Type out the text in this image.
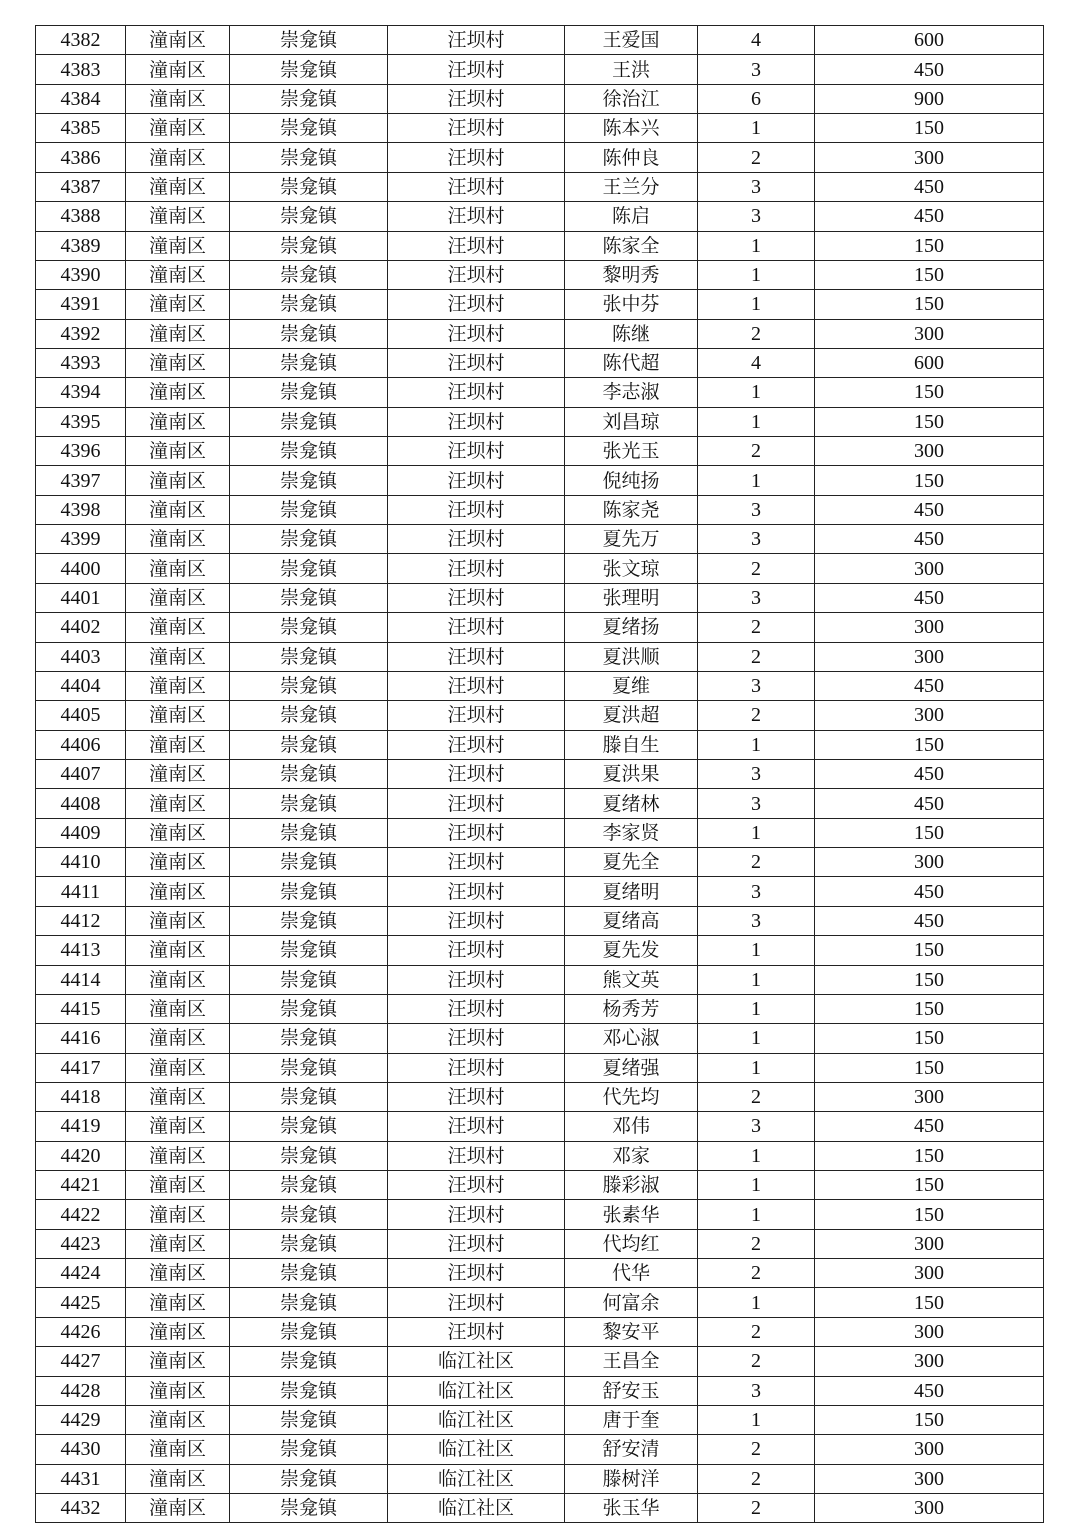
4382	潼南区	崇龛镇	汪坝村	王爱国	4	600
4383	潼南区	崇龛镇	汪坝村	王洪	3	450
4384	潼南区	崇龛镇	汪坝村	徐治江	6	900
4385	潼南区	崇龛镇	汪坝村	陈本兴	1	150
4386	潼南区	崇龛镇	汪坝村	陈仲良	2	300
4387	潼南区	崇龛镇	汪坝村	王兰分	3	450
4388	潼南区	崇龛镇	汪坝村	陈启	3	450
4389	潼南区	崇龛镇	汪坝村	陈家全	1	150
4390	潼南区	崇龛镇	汪坝村	黎明秀	1	150
4391	潼南区	崇龛镇	汪坝村	张中芬	1	150
4392	潼南区	崇龛镇	汪坝村	陈继	2	300
4393	潼南区	崇龛镇	汪坝村	陈代超	4	600
4394	潼南区	崇龛镇	汪坝村	李志淑	1	150
4395	潼南区	崇龛镇	汪坝村	刘昌琼	1	150
4396	潼南区	崇龛镇	汪坝村	张光玉	2	300
4397	潼南区	崇龛镇	汪坝村	倪纯扬	1	150
4398	潼南区	崇龛镇	汪坝村	陈家尧	3	450
4399	潼南区	崇龛镇	汪坝村	夏先万	3	450
4400	潼南区	崇龛镇	汪坝村	张文琼	2	300
4401	潼南区	崇龛镇	汪坝村	张理明	3	450
4402	潼南区	崇龛镇	汪坝村	夏绪扬	2	300
4403	潼南区	崇龛镇	汪坝村	夏洪顺	2	300
4404	潼南区	崇龛镇	汪坝村	夏维	3	450
4405	潼南区	崇龛镇	汪坝村	夏洪超	2	300
4406	潼南区	崇龛镇	汪坝村	滕自生	1	150
4407	潼南区	崇龛镇	汪坝村	夏洪果	3	450
4408	潼南区	崇龛镇	汪坝村	夏绪林	3	450
4409	潼南区	崇龛镇	汪坝村	李家贤	1	150
4410	潼南区	崇龛镇	汪坝村	夏先全	2	300
4411	潼南区	崇龛镇	汪坝村	夏绪明	3	450
4412	潼南区	崇龛镇	汪坝村	夏绪高	3	450
4413	潼南区	崇龛镇	汪坝村	夏先发	1	150
4414	潼南区	崇龛镇	汪坝村	熊文英	1	150
4415	潼南区	崇龛镇	汪坝村	杨秀芳	1	150
4416	潼南区	崇龛镇	汪坝村	邓心淑	1	150
4417	潼南区	崇龛镇	汪坝村	夏绪强	1	150
4418	潼南区	崇龛镇	汪坝村	代先均	2	300
4419	潼南区	崇龛镇	汪坝村	邓伟	3	450
4420	潼南区	崇龛镇	汪坝村	邓家	1	150
4421	潼南区	崇龛镇	汪坝村	滕彩淑	1	150
4422	潼南区	崇龛镇	汪坝村	张素华	1	150
4423	潼南区	崇龛镇	汪坝村	代均红	2	300
4424	潼南区	崇龛镇	汪坝村	代华	2	300
4425	潼南区	崇龛镇	汪坝村	何富余	1	150
4426	潼南区	崇龛镇	汪坝村	黎安平	2	300
4427	潼南区	崇龛镇	临江社区	王昌全	2	300
4428	潼南区	崇龛镇	临江社区	舒安玉	3	450
4429	潼南区	崇龛镇	临江社区	唐于奎	1	150
4430	潼南区	崇龛镇	临江社区	舒安清	2	300
4431	潼南区	崇龛镇	临江社区	滕树洋	2	300
4432	潼南区	崇龛镇	临江社区	张玉华	2	300
